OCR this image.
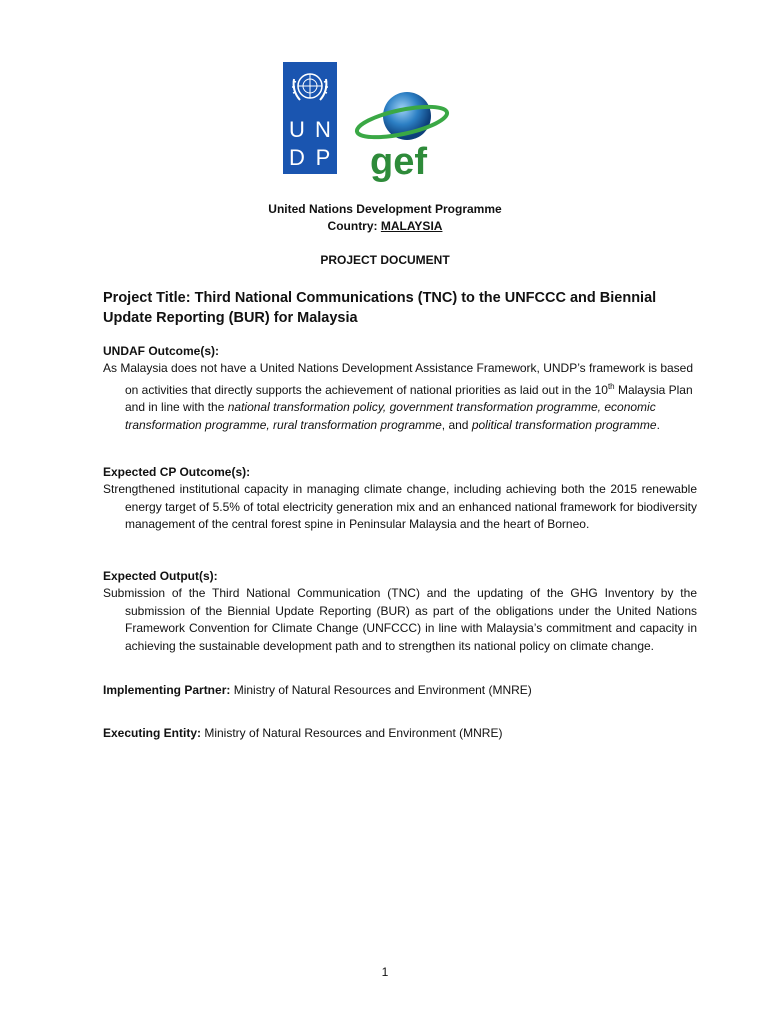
U N
D P gef
United Nations Development Programme
Country: MALAYSIA
PROJECT DOCUMENT
Project Title: Third National Communications (TNC) to the UNFCCC and Biennial Update Reporting (BUR) for Malaysia
UNDAF Outcome(s):

As Malaysia does not have a United Nations Development Assistance Framework, UNDP’s framework is based on activities that directly supports the achievement of national priorities as laid out in the 10th Malaysia Plan and in line with the national transformation policy, government transformation programme, economic transformation programme, rural transformation programme, and political transformation programme.

Expected CP Outcome(s):

Strengthened institutional capacity in managing climate change, including achieving both the 2015 renewable energy target of 5.5% of total electricity generation mix and an enhanced national framework for biodiversity management of the central forest spine in Peninsular Malaysia and the heart of Borneo.

Expected Output(s):

Submission of the Third National Communication (TNC) and the updating of the GHG Inventory by the submission of the Biennial Update Reporting (BUR) as part of the obligations under the United Nations Framework Convention for Climate Change (UNFCCC) in line with Malaysia’s commitment and capacity in achieving the sustainable development path and to strengthen its national policy on climate change.

Implementing Partner: Ministry of Natural Resources and Environment (MNRE)
Executing Entity: Ministry of Natural Resources and Environment (MNRE)
1
